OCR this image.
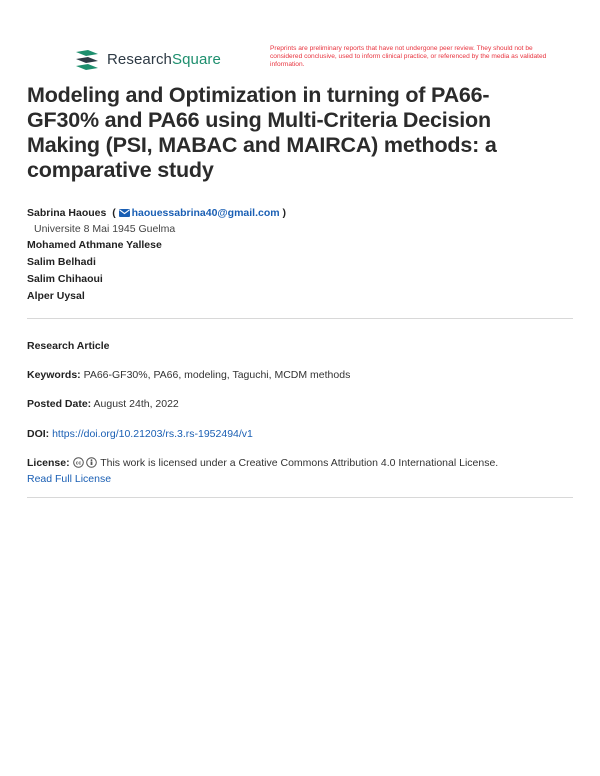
ResearchSquare
Preprints are preliminary reports that have not undergone peer review. They should not be considered conclusive, used to inform clinical practice, or referenced by the media as validated information.
Modeling and Optimization in turning of PA66-GF30% and PA66 using Multi-Criteria Decision Making (PSI, MABAC and MAIRCA) methods: a comparative study
Sabrina Haoues  ( haouessabrina40@gmail.com )
Universite 8 Mai 1945 Guelma
Mohamed Athmane Yallese
Salim Belhadi
Salim Chihaoui
Alper Uysal
Research Article
Keywords: PA66-GF30%, PA66, modeling, Taguchi, MCDM methods
Posted Date: August 24th, 2022
DOI: https://doi.org/10.21203/rs.3.rs-1952494/v1
License: cc This work is licensed under a Creative Commons Attribution 4.0 International License.
Read Full License
